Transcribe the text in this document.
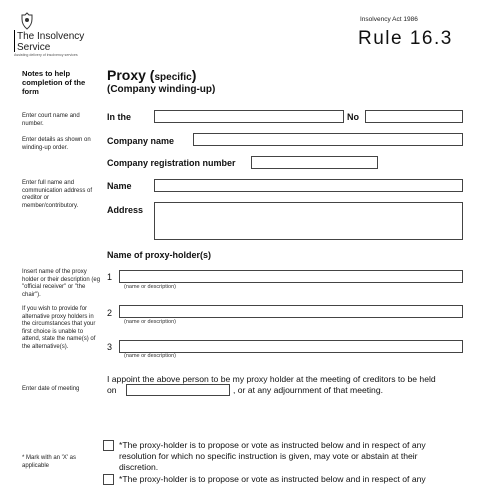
The Insolvency
Service
Assisting delivery of insolvency services
Insolvency Act 1986
Rule 16.3
Notes to help completion of the form
Proxy (specific)
(Company winding-up)
Enter court name and number.
Enter details as shown on winding-up order.
Enter full name and communication address of creditor or member/contributory.
Insert name of the proxy holder or their description (eg "official receiver" or "the chair").
If you wish to provide for alternative proxy holders in the circumstances that your first choice is unable to attend, state the name(s) of the alternative(s).
Enter date of meeting
* Mark with an 'X' as applicable
In the	No
Company name
Company registration number
Name
Address
Name of proxy-holder(s)
1
(name or description)
2
(name or description)
3
(name or description)
I appoint the above person to be my proxy holder at the meeting of creditors to be held
on	, or at any adjournment of that meeting.
*The proxy-holder is to propose or vote as instructed below and in respect of any resolution for which no specific instruction is given, may vote or abstain at their discretion.
*The proxy-holder is to propose or vote as instructed below and in respect of any
